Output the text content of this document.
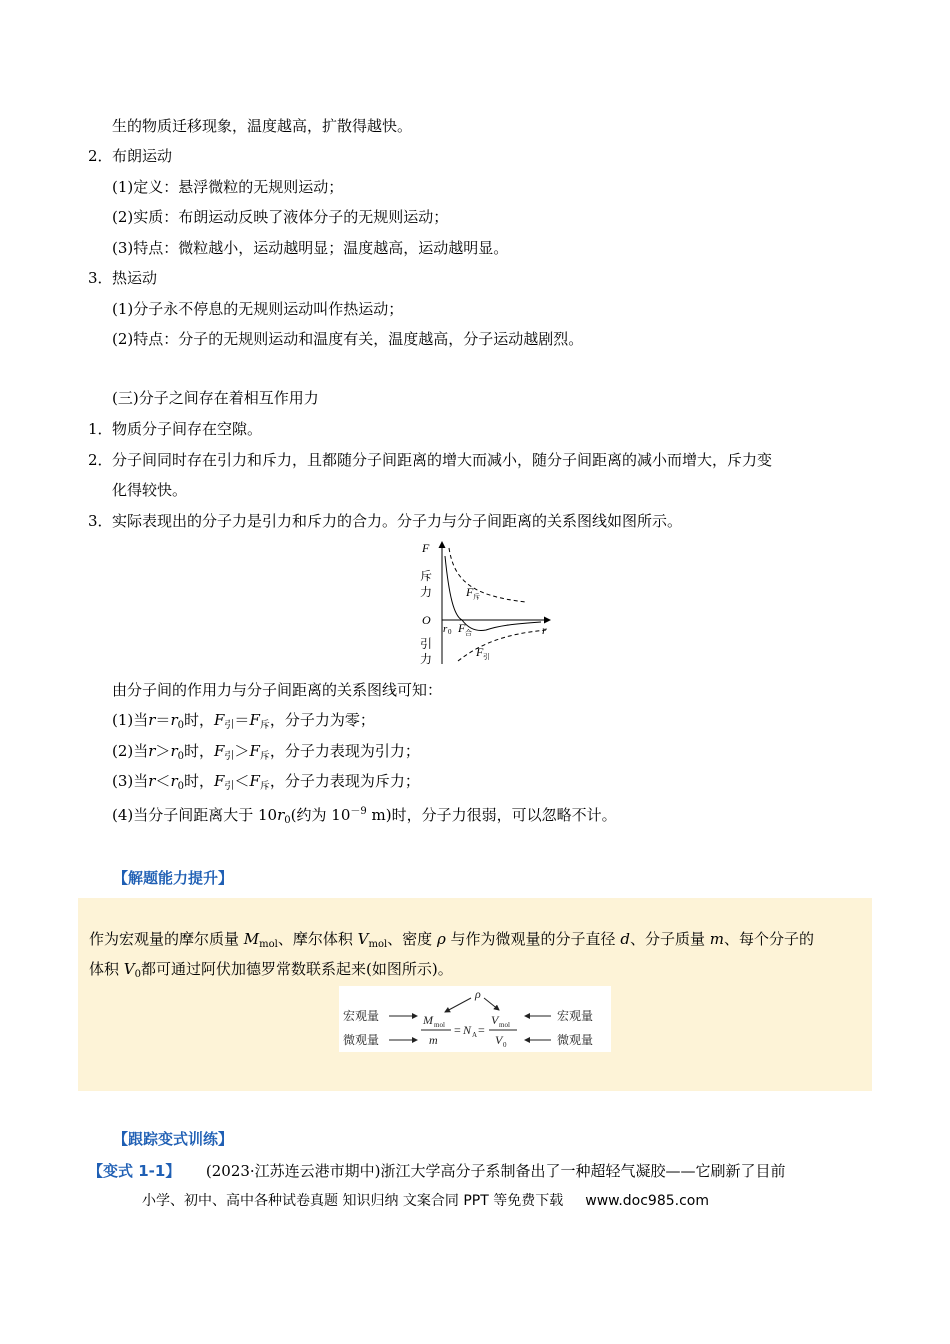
生的物质迁移现象，温度越高，扩散得越快。
2． 布朗运动
(1)定义：悬浮微粒的无规则运动；
(2)实质：布朗运动反映了液体分子的无规则运动；
(3)特点：微粒越小，运动越明显；温度越高，运动越明显。
3． 热运动
(1)分子永不停息的无规则运动叫作热运动；
(2)特点：分子的无规则运动和温度有关，温度越高，分子运动越剧烈。
(三)分子之间存在着相互作用力
1． 物质分子间存在空隙。
2． 分子间同时存在引力和斥力，且都随分子间距离的增大而减小，随分子间距离的减小而增大，斥力变
化得较快。
3． 实际表现出的分子力是引力和斥力的合力。分子力与分子间距离的关系图线如图所示。
F
斥
力
O
引
力
r
r 0
F 斥
F 合
F 引
由分子间的作用力与分子间距离的关系图线可知：
(1)当$r=r_0$时，$F_引=F_斥$，分子力为零；
(2)当$r>r_0$时，$F_引>F_斥$，分子力表现为引力；
(3)当$r<r_0$时，$F_引<F_斥$，分子力表现为斥力；
(4)当分子间距离大于 $10r_0$(约为 $10^{-9}$ m)时，分子力很弱，可以忽略不计。
【解题能力提升】
作为宏观量的摩尔质量 $M_{mol}$、摩尔体积 $V_{mol}$、密度 ρ 与作为微观量的分子直径 d、分子质量 m、每个分子的
体积 $V_0$都可通过阿伏加德罗常数联系起来(如图所示)。
宏观量
微观量
ρ
M mol
m
= N A =
V mol
V 0
宏观量
微观量
【跟踪变式训练】
【变式 1-1】 (2023·江苏连云港市期中)浙江大学高分子系制备出了一种超轻气凝胶——它刷新了目前
小学、初中、高中各种试卷真题 知识归纳 文案合同 PPT 等免费下载 www.doc985.com
